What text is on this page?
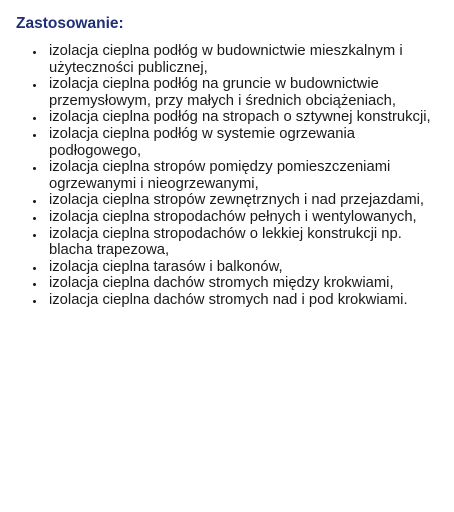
Zastosowanie:
izolacja cieplna podłóg w budownictwie mieszkalnym i użyteczności publicznej,
izolacja cieplna podłóg na gruncie w budownictwie przemysłowym, przy małych i średnich obciążeniach,
izolacja cieplna podłóg na stropach o sztywnej konstrukcji,
izolacja cieplna podłóg w systemie ogrzewania podłogowego,
izolacja cieplna stropów pomiędzy pomieszczeniami ogrzewanymi i nieogrzewanymi,
izolacja cieplna stropów zewnętrznych i nad przejazdami,
izolacja cieplna stropodachów pełnych i wentylowanych,
izolacja cieplna stropodachów o lekkiej konstrukcji np. blacha trapezowa,
izolacja cieplna tarasów i balkonów,
izolacja cieplna dachów stromych między krokwiami,
izolacja cieplna dachów stromych nad i pod krokwiami.
